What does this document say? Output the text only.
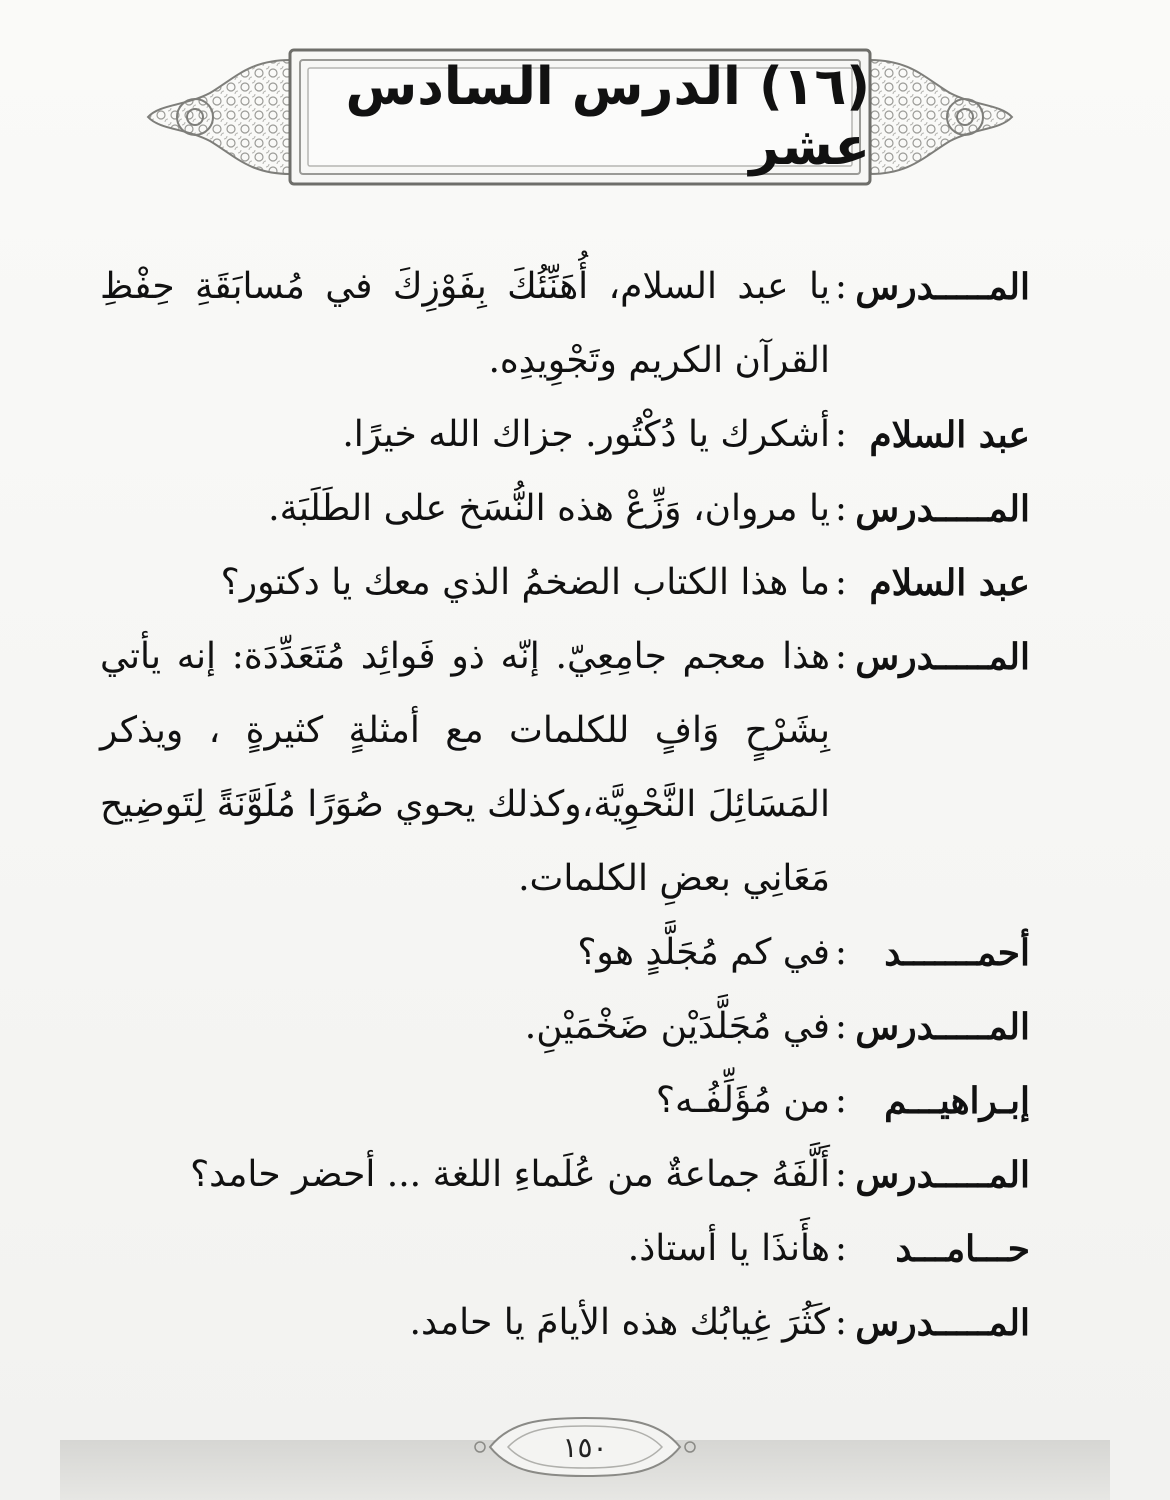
(١٦) الدرس السادس عشر
المـــــدرس
:
يا عبد السلام، أُهَنِّئُكَ بِفَوْزِكَ في مُسابَقَةِ حِفْظِ القرآن الكريم وتَجْوِيدِه.
عبد السلام
:
أشكرك يا دُكْتُور. جزاك الله خيرًا.
المـــــدرس
:
يا مروان، وَزِّعْ هذه النُّسَخ على الطَلَبَة.
عبد السلام
:
ما هذا الكتاب الضخمُ الذي معك يا دكتور؟
المـــــدرس
:
هذا معجم جامِعِيّ. إنّه ذو فَوائِد مُتَعَدِّدَة: إنه يأتي بِشَرْحٍ وَافٍ للكلمات مع أمثلةٍ كثيرةٍ ، ويذكر المَسَائِلَ النَّحْوِيَّة،وكذلك يحوي صُوَرًا مُلَوَّنَةً لِتَوضِيح مَعَانِي بعضِ الكلمات.
أحمـــــــد
:
في كم مُجَلَّدٍ هو؟
المـــــدرس
:
في مُجَلَّدَيْن ضَخْمَيْنِ.
إبـراهيـــم
:
من مُؤَلِّفُـه؟
المـــــدرس
:
أَلَّفَهُ جماعةٌ من عُلَماءِ اللغة ... أحضر حامد؟
حـــامـــد
:
هأَنذَا يا أستاذ.
المـــــدرس
:
كَثُرَ غِيابُك هذه الأيامَ يا حامد.
١٥٠
